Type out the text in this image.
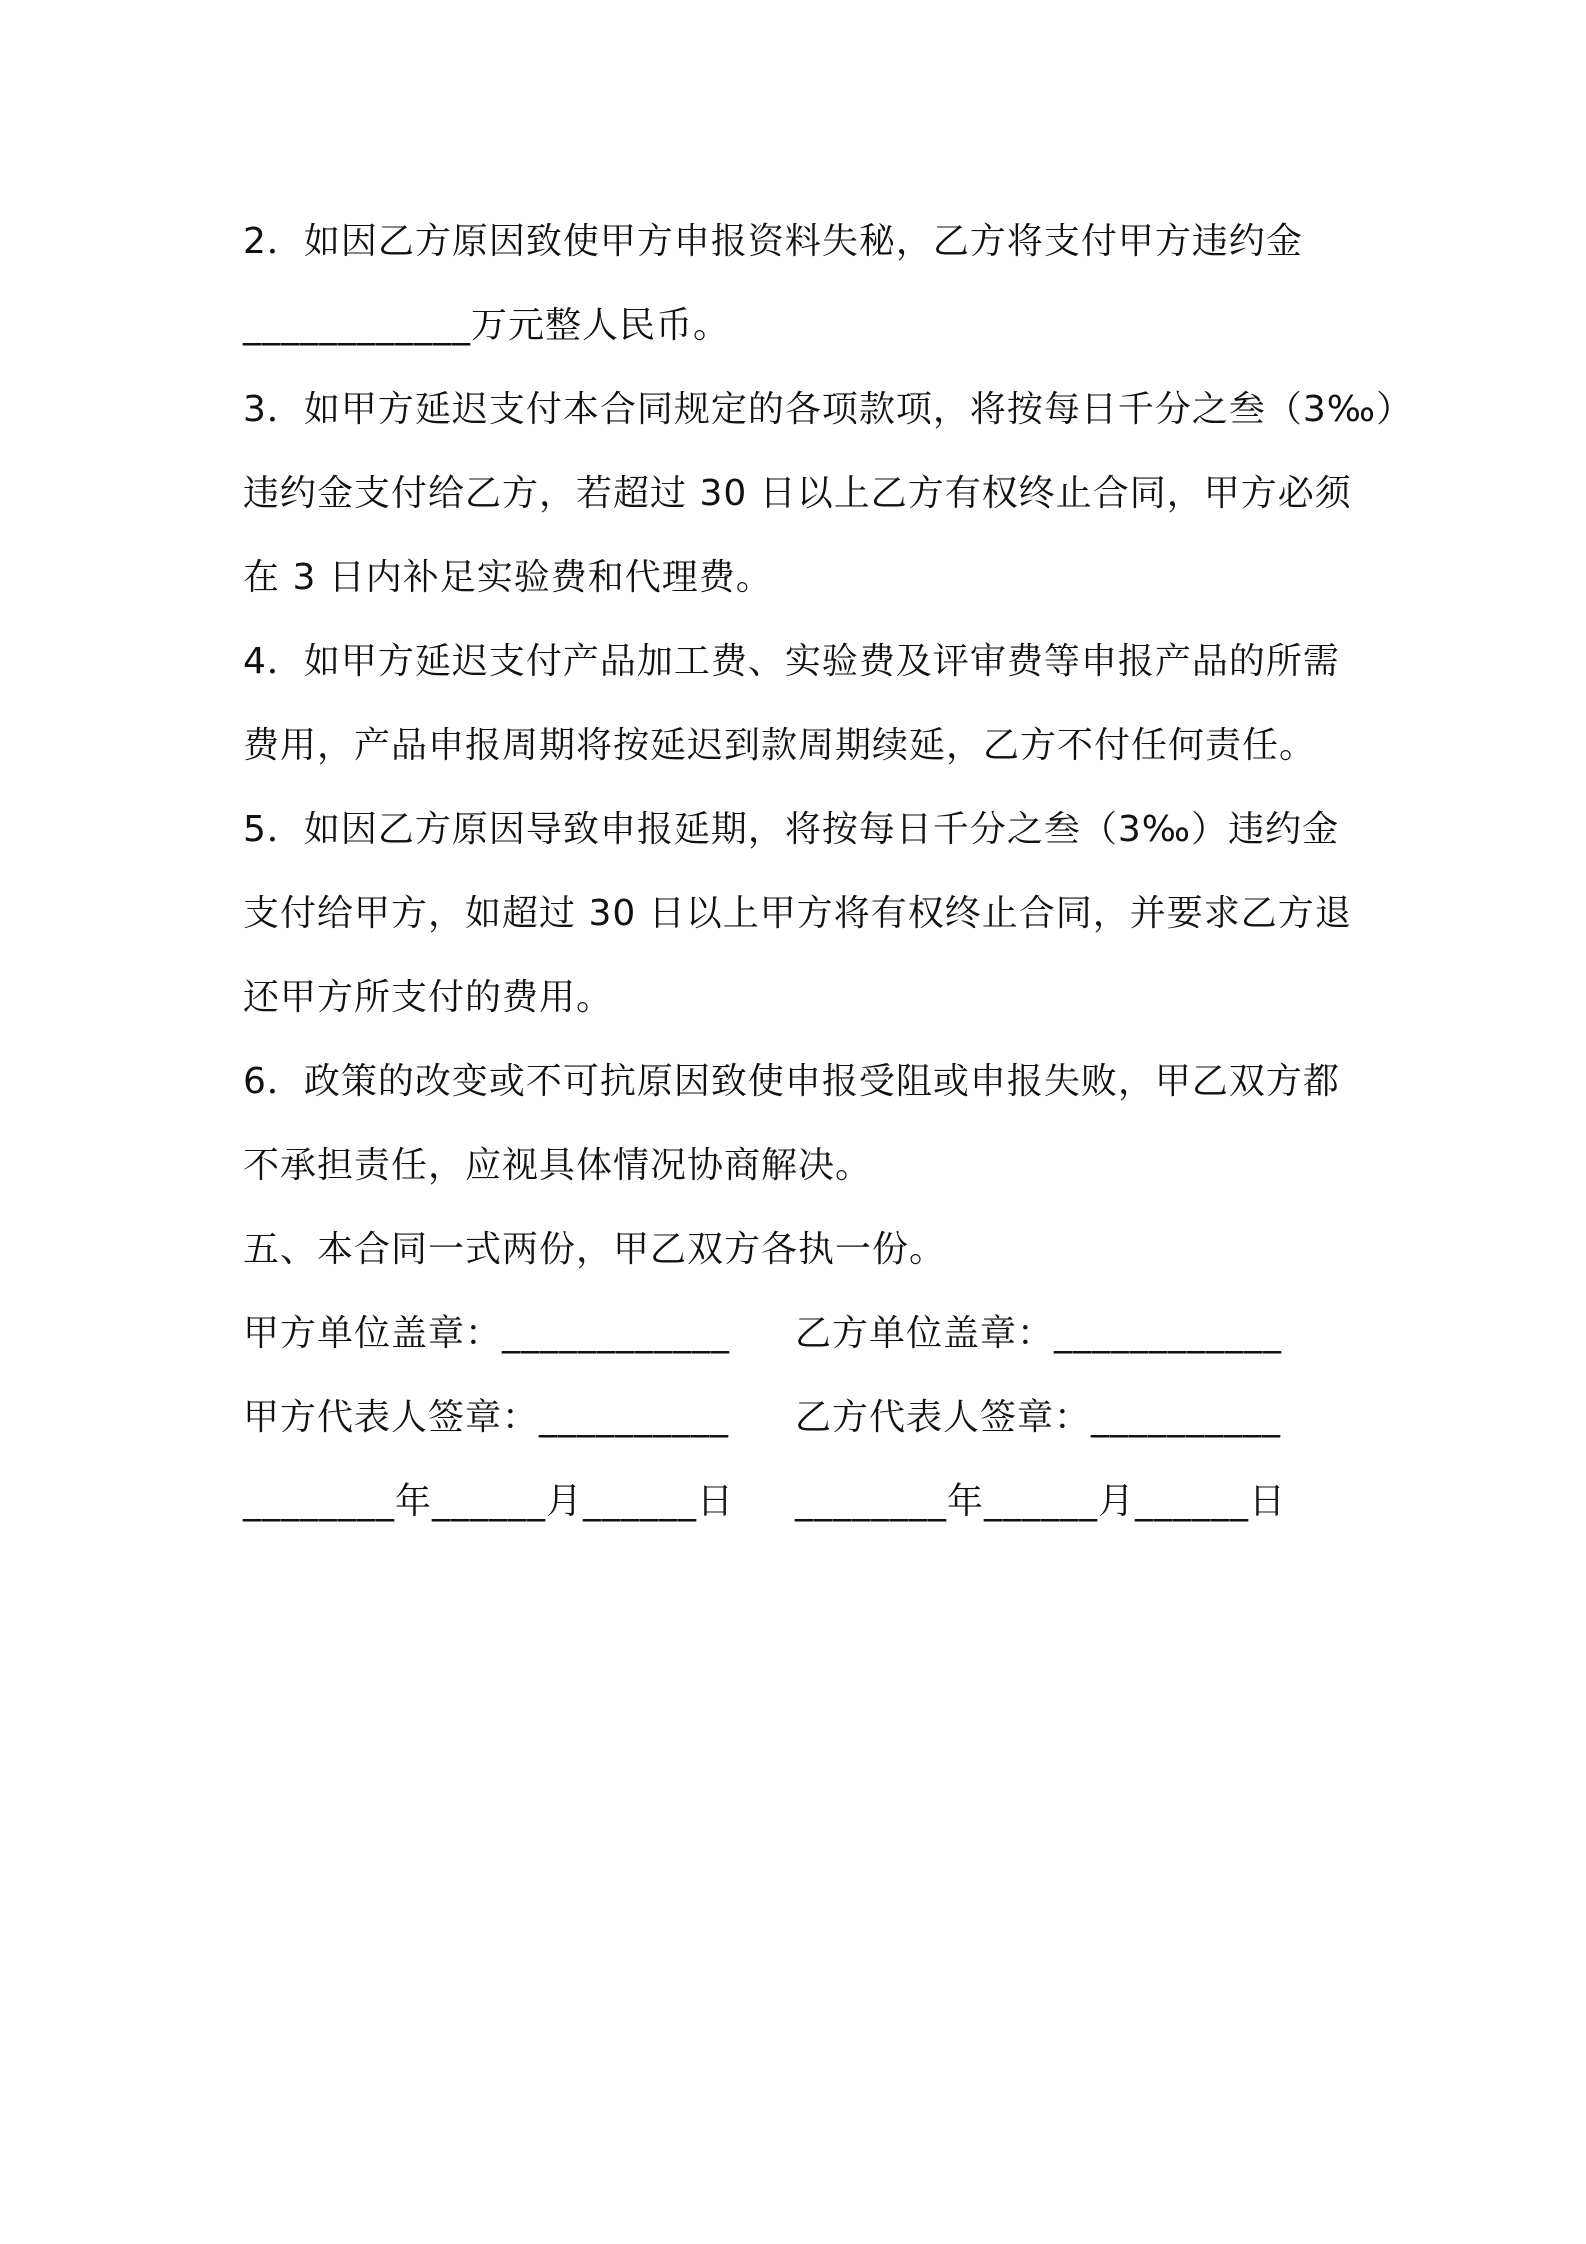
2．如因乙方原因致使甲方申报资料失秘，乙方将支付甲方违约金
____________万元整人民币。
3．如甲方延迟支付本合同规定的各项款项，将按每日千分之叁（3‰）
违约金支付给乙方，若超过 30 日以上乙方有权终止合同，甲方必须
在 3 日内补足实验费和代理费。
4．如甲方延迟支付产品加工费、实验费及评审费等申报产品的所需
费用，产品申报周期将按延迟到款周期续延，乙方不付任何责任。
5．如因乙方原因导致申报延期，将按每日千分之叁（3‰）违约金
支付给甲方，如超过 30 日以上甲方将有权终止合同，并要求乙方退
还甲方所支付的费用。
6．政策的改变或不可抗原因致使申报受阻或申报失败，甲乙双方都
不承担责任，应视具体情况协商解决。
五、本合同一式两份，甲乙双方各执一份。
甲方单位盖章：____________	乙方单位盖章：____________
甲方代表人签章：__________	乙方代表人签章：__________
________年______月______日	________年______月______日
